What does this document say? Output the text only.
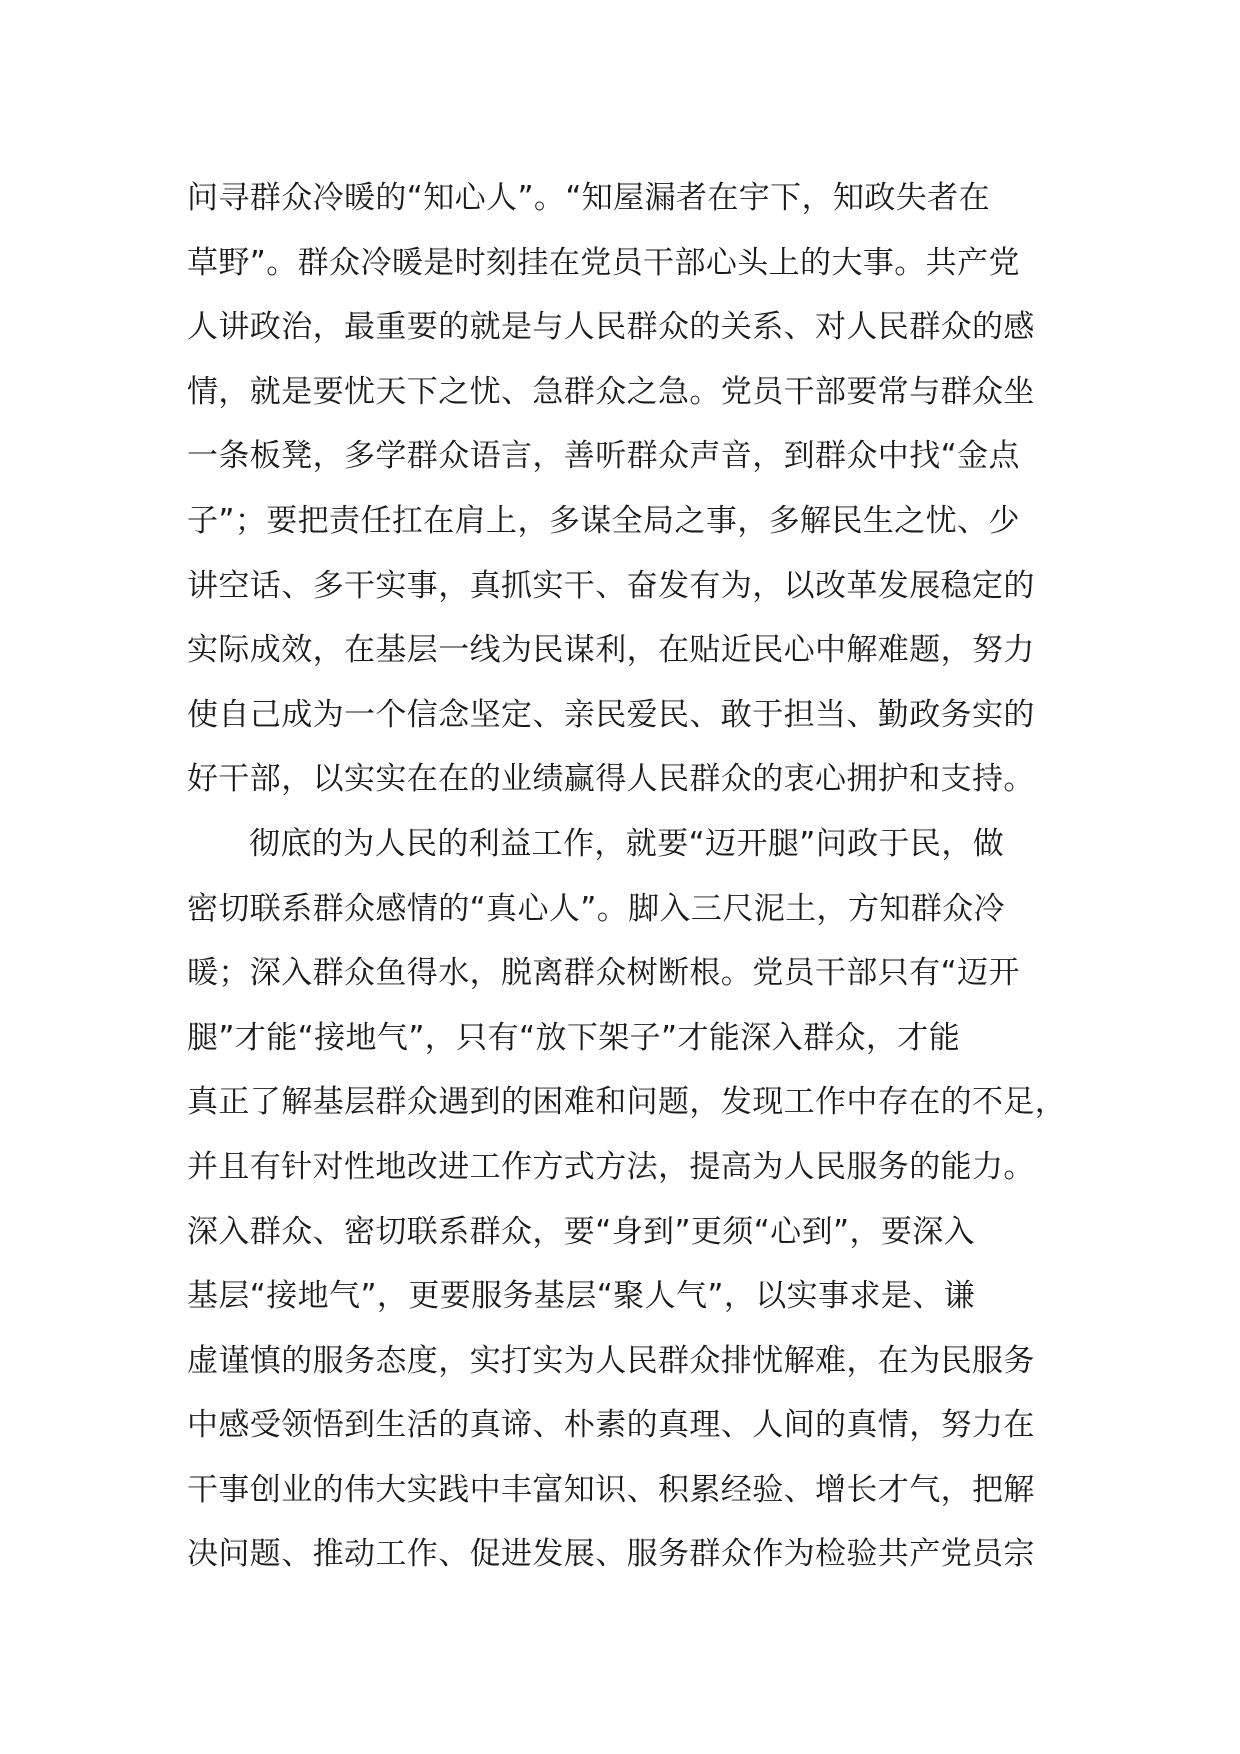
问寻群众冷暖的“知心人”。“知屋漏者在宇下，知政失者在
草野”。群众冷暖是时刻挂在党员干部心头上的大事。共产党
人讲政治，最重要的就是与人民群众的关系、对人民群众的感
情，就是要忧天下之忧、急群众之急。党员干部要常与群众坐
一条板凳，多学群众语言，善听群众声音，到群众中找“金点
子”；要把责任扛在肩上，多谋全局之事，多解民生之忧、少
讲空话、多干实事，真抓实干、奋发有为，以改革发展稳定的
实际成效，在基层一线为民谋利，在贴近民心中解难题，努力
使自己成为一个信念坚定、亲民爱民、敢于担当、勤政务实的
好干部，以实实在在的业绩赢得人民群众的衷心拥护和支持。
彻底的为人民的利益工作，就要“迈开腿”问政于民，做
密切联系群众感情的“真心人”。脚入三尺泥土，方知群众冷
暖；深入群众鱼得水，脱离群众树断根。党员干部只有“迈开
腿”才能“接地气”，只有“放下架子”才能深入群众，才能
真正了解基层群众遇到的困难和问题，发现工作中存在的不足，
并且有针对性地改进工作方式方法，提高为人民服务的能力。
深入群众、密切联系群众，要“身到”更须“心到”，要深入
基层“接地气”，更要服务基层“聚人气”，以实事求是、谦
虚谨慎的服务态度，实打实为人民群众排忧解难，在为民服务
中感受领悟到生活的真谛、朴素的真理、人间的真情，努力在
干事创业的伟大实践中丰富知识、积累经验、增长才气，把解
决问题、推动工作、促进发展、服务群众作为检验共产党员宗
